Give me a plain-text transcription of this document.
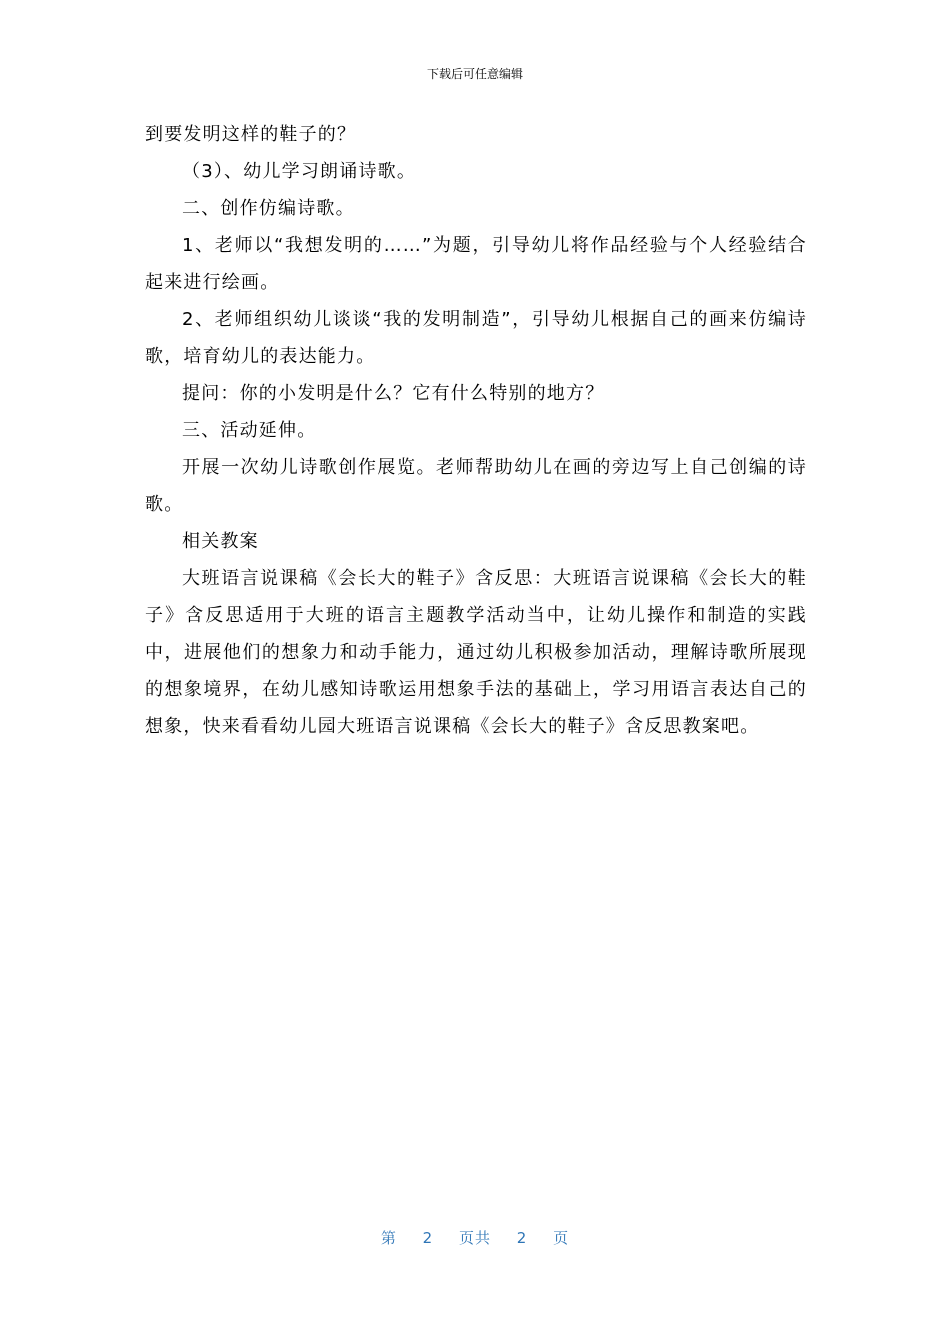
下载后可任意编辑

到要发明这样的鞋子的？

（3）、幼儿学习朗诵诗歌。

二、创作仿编诗歌。

1、老师以“我想发明的……”为题，引导幼儿将作品经验与个人经验结合起来进行绘画。

2、老师组织幼儿谈谈“我的发明制造”，引导幼儿根据自己的画来仿编诗歌，培育幼儿的表达能力。

提问：你的小发明是什么？它有什么特别的地方？

三、活动延伸。

开展一次幼儿诗歌创作展览。老师帮助幼儿在画的旁边写上自己创编的诗歌。

相关教案

大班语言说课稿《会长大的鞋子》含反思：大班语言说课稿《会长大的鞋子》含反思适用于大班的语言主题教学活动当中，让幼儿操作和制造的实践中，进展他们的想象力和动手能力，通过幼儿积极参加活动，理解诗歌所展现的想象境界，在幼儿感知诗歌运用想象手法的基础上，学习用语言表达自己的想象，快来看看幼儿园大班语言说课稿《会长大的鞋子》含反思教案吧。

第 2 页共 2 页
